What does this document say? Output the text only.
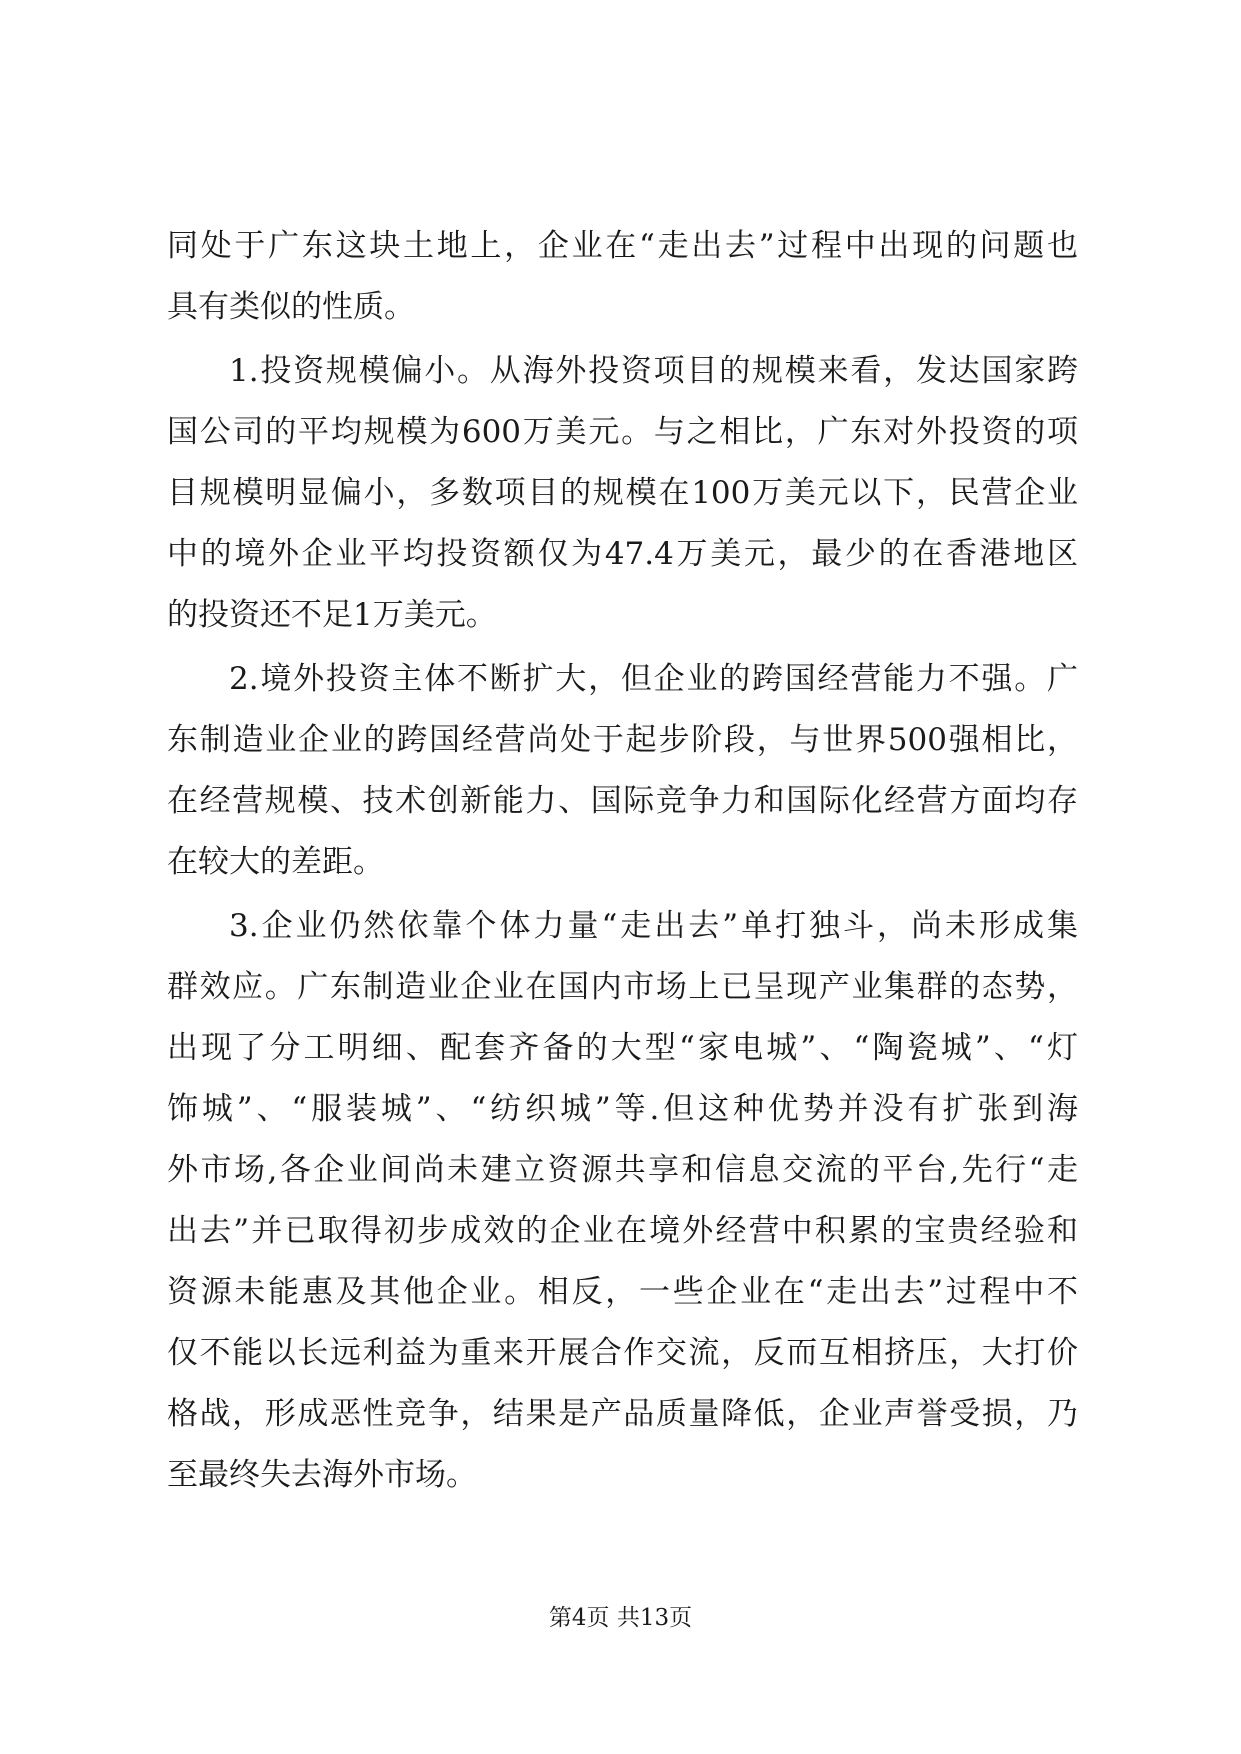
同处于广东这块土地上，企业在“走出去”过程中出现的问题也
具有类似的性质。
1.投资规模偏小。从海外投资项目的规模来看，发达国家跨
国公司的平均规模为600万美元。与之相比，广东对外投资的项
目规模明显偏小，多数项目的规模在100万美元以下，民营企业
中的境外企业平均投资额仅为47.4万美元，最少的在香港地区
的投资还不足1万美元。
2.境外投资主体不断扩大，但企业的跨国经营能力不强。广
东制造业企业的跨国经营尚处于起步阶段，与世界500强相比，
在经营规模、技术创新能力、国际竞争力和国际化经营方面均存
在较大的差距。
3.企业仍然依靠个体力量“走出去”单打独斗，尚未形成集
群效应。广东制造业企业在国内市场上已呈现产业集群的态势，
出现了分工明细、配套齐备的大型“家电城”、“陶瓷城”、“灯
饰城”、“服装城”、“纺织城”等.但这种优势并没有扩张到海
外市场,各企业间尚未建立资源共享和信息交流的平台,先行“走
出去”并已取得初步成效的企业在境外经营中积累的宝贵经验和
资源未能惠及其他企业。相反，一些企业在“走出去”过程中不
仅不能以长远利益为重来开展合作交流，反而互相挤压，大打价
格战，形成恶性竞争，结果是产品质量降低，企业声誉受损，乃
至最终失去海外市场。
第4页 共13页
